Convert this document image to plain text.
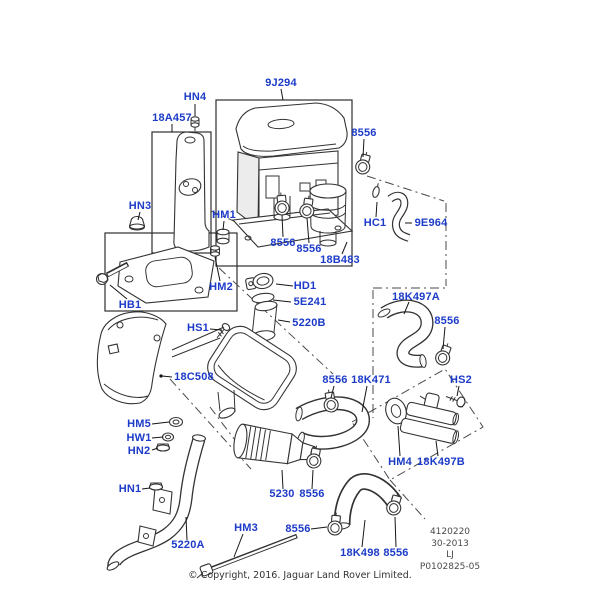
9J294
HN4
18A457
8556
HN3
HM1
HC1	9E964
8556 8556
18B483
HM2	HD1
5E241	18K497A
HB1
5220B
HS1
8556
18C508	8556 18K471	HS2
HM5
HW1
HN2
HM4 18K497B
HN1	5230 8556
HM3 8556
18K498 8556
5220A
4120220
30-2013
LJ
P0102825-05
© Copyright, 2016. Jaguar Land Rover Limited.
